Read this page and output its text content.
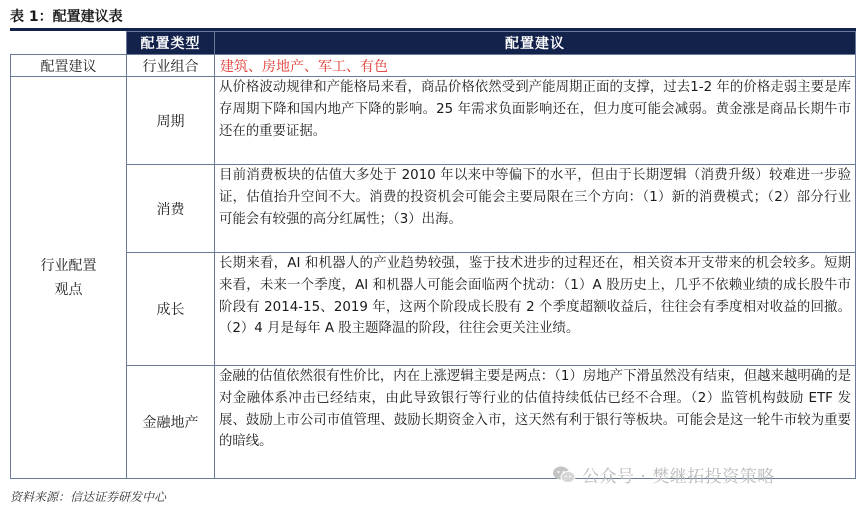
表 1：配置建议表
	配置类型	配置建议
配置建议	行业组合	建筑、房地产、军工、有色
行业配置
观点	周期	从价格波动规律和产能格局来看，商品价格依然受到产能周期正面的支撑，过去1-2 年的价格走弱主要是库存周期下降和国内地产下降的影响。25 年需求负面影响还在，但力度可能会减弱。黄金涨是商品长期牛市还在的重要证据。
	消费	目前消费板块的估值大多处于 2010 年以来中等偏下的水平，但由于长期逻辑（消费升级）较难进一步验证，估值抬升空间不大。消费的投资机会可能会主要局限在三个方向：（1）新的消费模式；（2）部分行业可能会有较强的高分红属性；（3）出海。
	成长	长期来看，AI 和机器人的产业趋势较强，鉴于技术进步的过程还在，相关资本开支带来的机会较多。短期来看，未来一个季度，AI 和机器人可能会面临两个扰动：（1）A 股历史上，几乎不依赖业绩的成长股牛市阶段有 2014-15、2019 年，这两个阶段成长股有 2 个季度超额收益后，往往会有季度相对收益的回撤。（2）4 月是每年 A 股主题降温的阶段，往往会更关注业绩。
	金融地产	金融的估值依然很有性价比，内在上涨逻辑主要是两点：（1）房地产下滑虽然没有结束，但越来越明确的是对金融体系冲击已经结束，由此导致银行等行业的估值持续低估已经不合理。（2）监管机构鼓励 ETF 发展、鼓励上市公司市值管理、鼓励长期资金入市，这天然有利于银行等板块。可能会是这一轮牛市较为重要的暗线。
资料来源：信达证券研发中心
公众号 · 樊继拓投资策略
